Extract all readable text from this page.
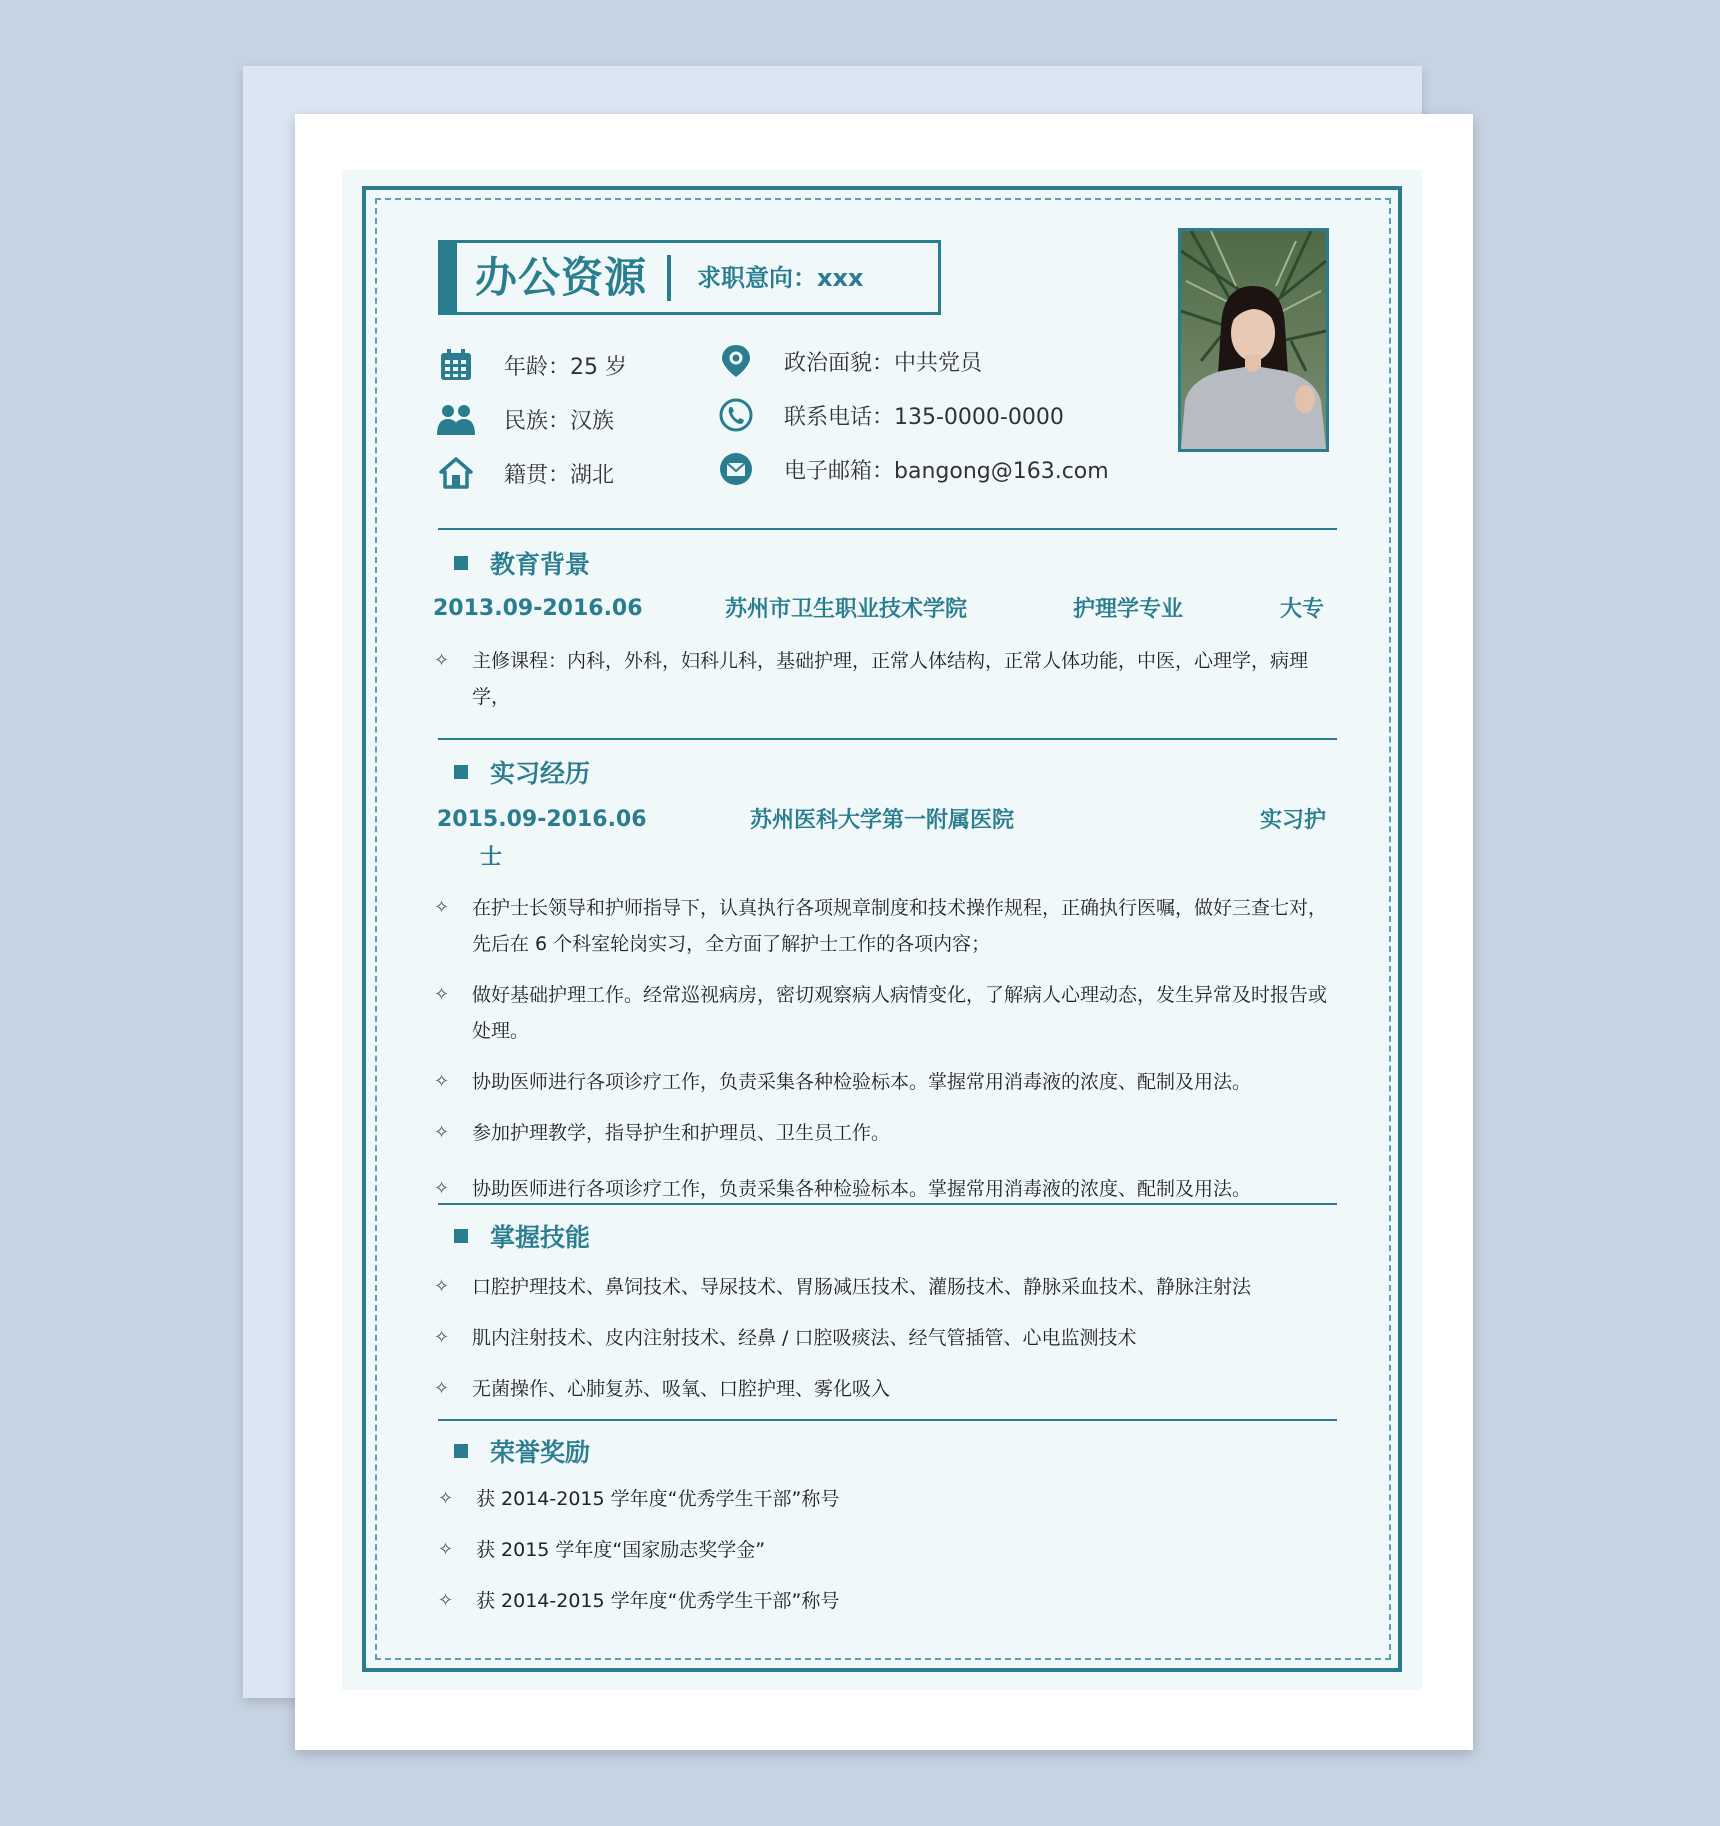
办公资源 求职意向：xxx
年龄：25 岁
民族：汉族
籍贯：湖北
政治面貌：中共党员
联系电话：135-0000-0000
电子邮箱：bangong@163.com
教育背景
2013.09-2016.06	苏州市卫生职业技术学院	护理学专业	大专
✧ 主修课程：内科，外科，妇科儿科，基础护理，正常人体结构，正常人体功能，中医，心理学，病理学，
实习经历
2015.09-2016.06	苏州医科大学第一附属医院	实习护
士
✧ 在护士长领导和护师指导下，认真执行各项规章制度和技术操作规程，正确执行医嘱，做好三查七对，先后在 6 个科室轮岗实习，全方面了解护士工作的各项内容；
✧ 做好基础护理工作。经常巡视病房，密切观察病人病情变化，了解病人心理动态，发生异常及时报告或处理。
✧ 协助医师进行各项诊疗工作，负责采集各种检验标本。掌握常用消毒液的浓度、配制及用法。
✧ 参加护理教学，指导护生和护理员、卫生员工作。
✧ 协助医师进行各项诊疗工作，负责采集各种检验标本。掌握常用消毒液的浓度、配制及用法。
掌握技能
✧ 口腔护理技术、鼻饲技术、导尿技术、胃肠减压技术、灌肠技术、静脉采血技术、静脉注射法
✧ 肌内注射技术、皮内注射技术、经鼻 / 口腔吸痰法、经气管插管、心电监测技术
✧ 无菌操作、心肺复苏、吸氧、口腔护理、雾化吸入
荣誉奖励
✧ 获 2014-2015 学年度“优秀学生干部”称号
✧ 获 2015 学年度“国家励志奖学金”
✧ 获 2014-2015 学年度“优秀学生干部”称号
